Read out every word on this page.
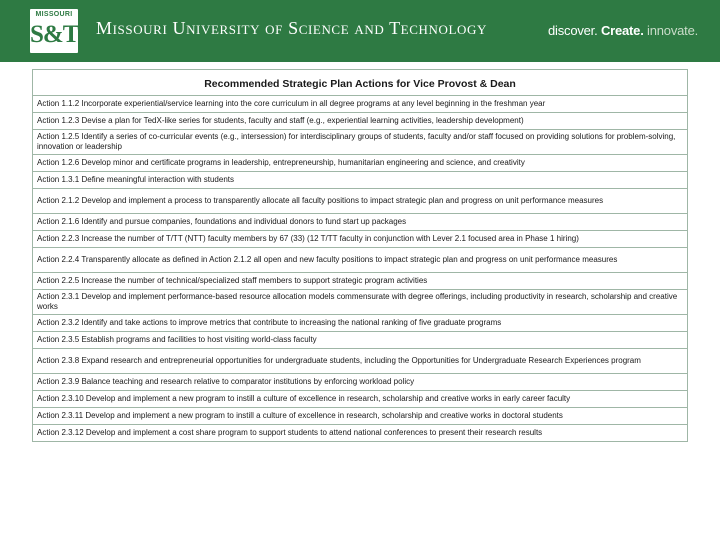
MISSOURI
S&T Missouri University of Science and Technology	discover. Create. innovate.
Recommended Strategic Plan Actions for Vice Provost & Dean
Action 1.1.2 Incorporate experiential/service learning into the core curriculum in all degree programs at any level beginning in the freshman year
Action 1.2.3 Devise a plan for TedX-like series for students, faculty and staff (e.g., experiential learning activities, leadership development)
Action 1.2.5 Identify a series of co-curricular events (e.g., intersession) for interdisciplinary groups of students, faculty and/or staff focused on providing solutions for problem-solving, innovation or leadership
Action 1.2.6 Develop minor and certificate programs in leadership, entrepreneurship, humanitarian engineering and science, and creativity
Action 1.3.1 Define meaningful interaction with students
Action 2.1.2 Develop and implement a process to transparently allocate all faculty positions to impact strategic plan and progress on unit performance measures
Action 2.1.6 Identify and pursue companies, foundations and individual donors to fund start up packages
Action 2.2.3 Increase the number of T/TT (NTT) faculty members by 67 (33) (12 T/TT faculty in conjunction with Lever 2.1 focused area in Phase 1 hiring)
Action 2.2.4 Transparently allocate as defined in Action 2.1.2 all open and new faculty positions to impact strategic plan and progress on unit performance measures
Action 2.2.5 Increase the number of technical/specialized staff members to support strategic program activities
Action 2.3.1 Develop and implement performance-based resource allocation models commensurate with degree offerings, including productivity in research, scholarship and creative works
Action 2.3.2 Identify and take actions to improve metrics that contribute to increasing the national ranking of five graduate programs
Action 2.3.5 Establish programs and facilities to host visiting world-class faculty
Action 2.3.8 Expand research and entrepreneurial opportunities for undergraduate students, including the Opportunities for Undergraduate Research Experiences program
Action 2.3.9 Balance teaching and research relative to comparator institutions by enforcing workload policy
Action 2.3.10 Develop and implement a new program to instill a culture of excellence in research, scholarship and creative works in early career faculty
Action 2.3.11 Develop and implement a new program to instill a culture of excellence in research, scholarship and creative works in doctoral students
Action 2.3.12 Develop and implement a cost share program to support students to attend national conferences to present their research results
